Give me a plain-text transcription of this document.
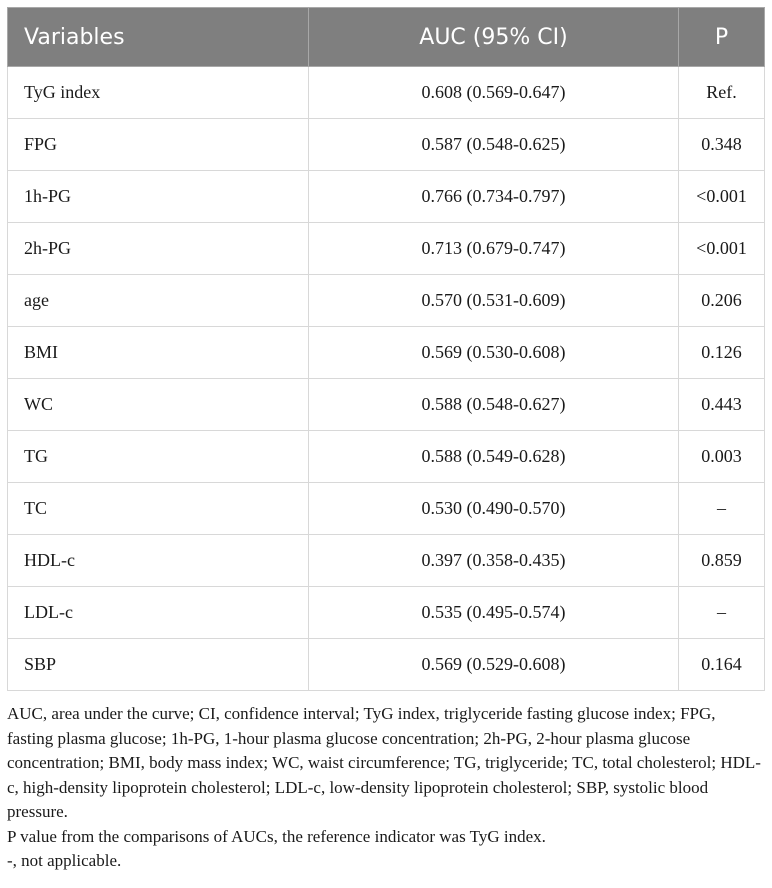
Variables	AUC (95% CI)	P
TyG index	0.608 (0.569-0.647)	Ref.
FPG	0.587 (0.548-0.625)	0.348
1h-PG	0.766 (0.734-0.797)	<0.001
2h-PG	0.713 (0.679-0.747)	<0.001
age	0.570 (0.531-0.609)	0.206
BMI	0.569 (0.530-0.608)	0.126
WC	0.588 (0.548-0.627)	0.443
TG	0.588 (0.549-0.628)	0.003
TC	0.530 (0.490-0.570)	–
HDL-c	0.397 (0.358-0.435)	0.859
LDL-c	0.535 (0.495-0.574)	–
SBP	0.569 (0.529-0.608)	0.164

AUC, area under the curve; CI, confidence interval; TyG index, triglyceride fasting glucose index; FPG, fasting plasma glucose; 1h-PG, 1-hour plasma glucose concentration; 2h-PG, 2-hour plasma glucose concentration; BMI, body mass index; WC, waist circumference; TG, triglyceride; TC, total cholesterol; HDL-c, high-density lipoprotein cholesterol; LDL-c, low-density lipoprotein cholesterol; SBP, systolic blood pressure.

P value from the comparisons of AUCs, the reference indicator was TyG index.

-, not applicable.
